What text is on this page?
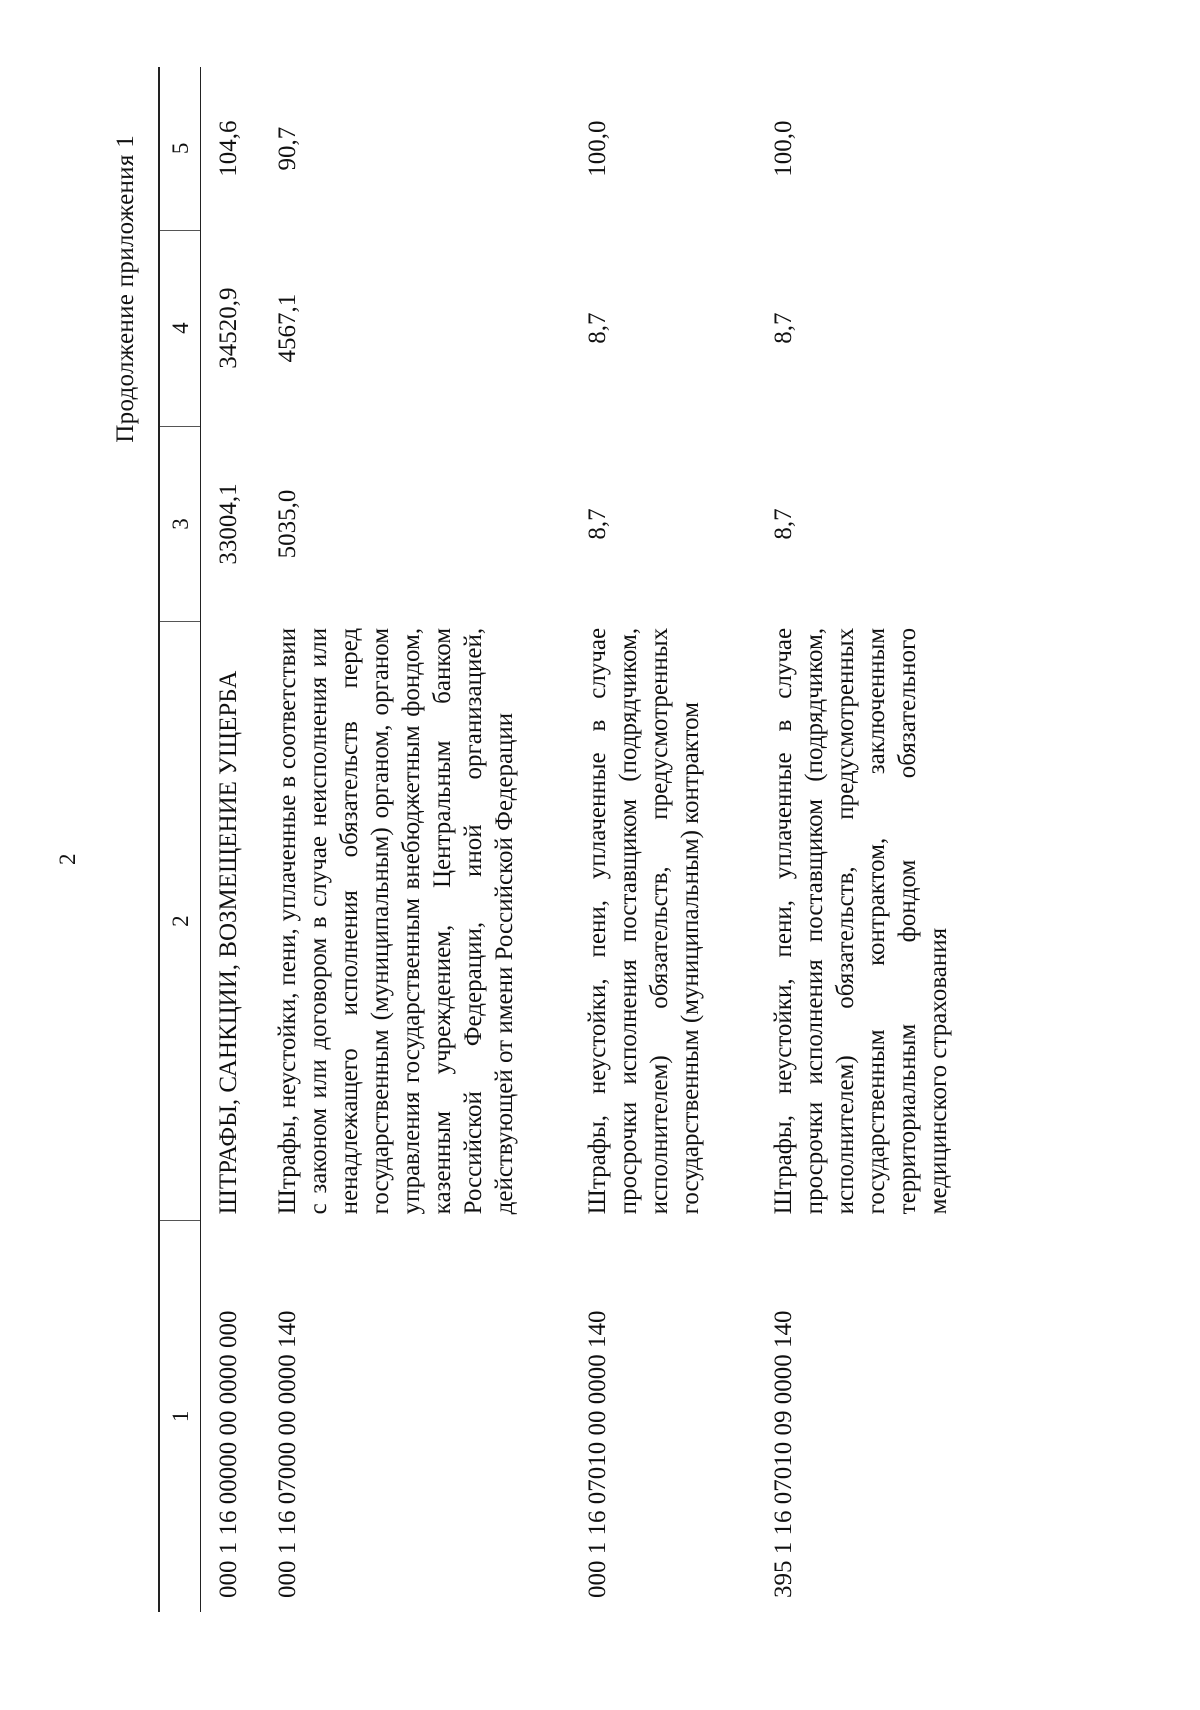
2
Продолжение приложения 1
1	2	3	4	5
000 1 16 00000 00 0000 000	ШТРАФЫ, САНКЦИИ, ВОЗМЕЩЕНИЕ УЩЕРБА	33004,1	34520,9	104,6
000 1 16 07000 00 0000 140	Штрафы, неустойки, пени, уплаченные в соответствии с законом или договором в случае неисполнения или ненадлежащего исполнения обязательств перед государственным (муниципальным) органом, органом управления государственным внебюджетным фондом, казенным учреждением, Центральным банком Российской Федерации, иной организацией, действующей от имени Российской Федерации	5035,0	4567,1	90,7

000 1 16 07010 00 0000 140	Штрафы, неустойки, пени, уплаченные в случае просрочки исполнения поставщиком (подрядчиком, исполнителем) обязательств, предусмотренных государственным (муниципальным) контрактом	8,7	8,7	100,0

395 1 16 07010 09 0000 140	Штрафы, неустойки, пени, уплаченные в случае просрочки исполнения поставщиком (подрядчиком, исполнителем) обязательств, предусмотренных государственным контрактом, заключенным территориальным фондом обязательного медицинского страхования	8,7	8,7	100,0
